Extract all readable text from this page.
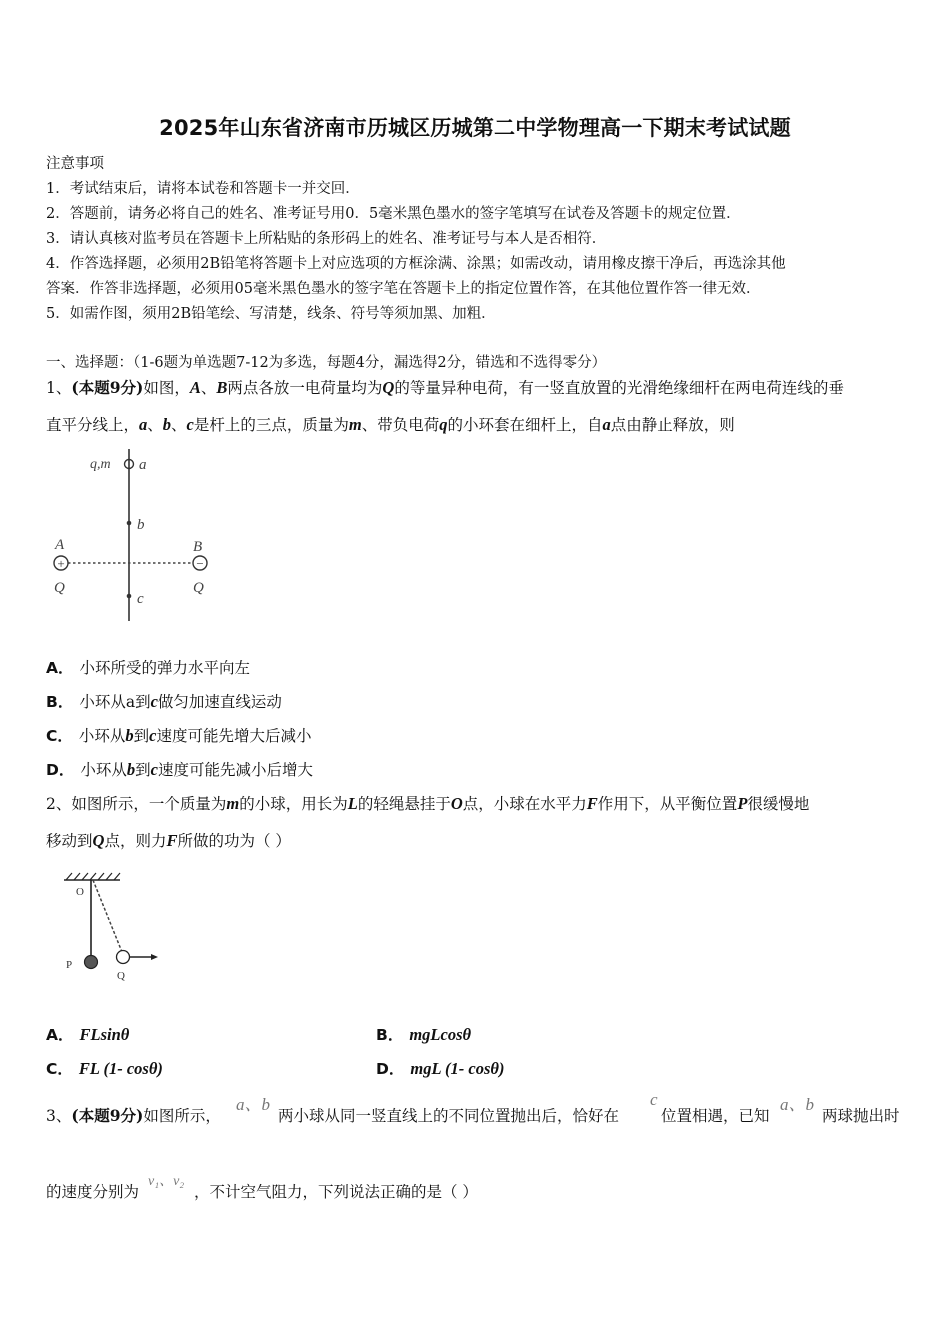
2025年山东省济南市历城区历城第二中学物理高一下期末考试试题
注意事项
1．考试结束后，请将本试卷和答题卡一并交回．
2．答题前，请务必将自己的姓名、准考证号用0．5毫米黑色墨水的签字笔填写在试卷及答题卡的规定位置．
3．请认真核对监考员在答题卡上所粘贴的条形码上的姓名、准考证号与本人是否相符．
4．作答选择题，必须用2B铅笔将答题卡上对应选项的方框涂满、涂黑；如需改动，请用橡皮擦干净后，再选涂其他
答案．作答非选择题，必须用05毫米黑色墨水的签字笔在答题卡上的指定位置作答，在其他位置作答一律无效．
5．如需作图，须用2B铅笔绘、写清楚，线条、符号等须加黑、加粗．
一、选择题：（1-6题为单选题7-12为多选，每题4分，漏选得2分，错选和不选得零分）
1、(本题9分)如图，A、B两点各放一电荷量均为Q的等量异种电荷，有一竖直放置的光滑绝缘细杆在两电荷连线的垂
直平分线上，a、b、c是杆上的三点，质量为m、带负电荷q的小环套在细杆上，自a点由静止释放，则
q,m a
b
c
+	−
A	B
Q	Q
A． 小环所受的弹力水平向左
B． 小环从a到c做匀加速直线运动
C． 小环从b到c速度可能先增大后减小
D． 小环从b到c速度可能先减小后增大
2、如图所示，一个质量为m的小球，用长为L的轻绳悬挂于O点，小球在水平力F作用下，从平衡位置P很缓慢地
移动到Q点，则力F所做的功为（ ）
O
P
Q
A． FLsinθ	B． mgLcosθ
C． FL (1- cosθ)	D． mgL (1- cosθ)
3、(本题9分)如图所示，
a、b
两小球从同一竖直线上的不同位置抛出后，恰好在
c
位置相遇，已知
a、b
两球抛出时
的速度分别为
v₁、v₂
，不计空气阻力，下列说法正确的是（ ）
